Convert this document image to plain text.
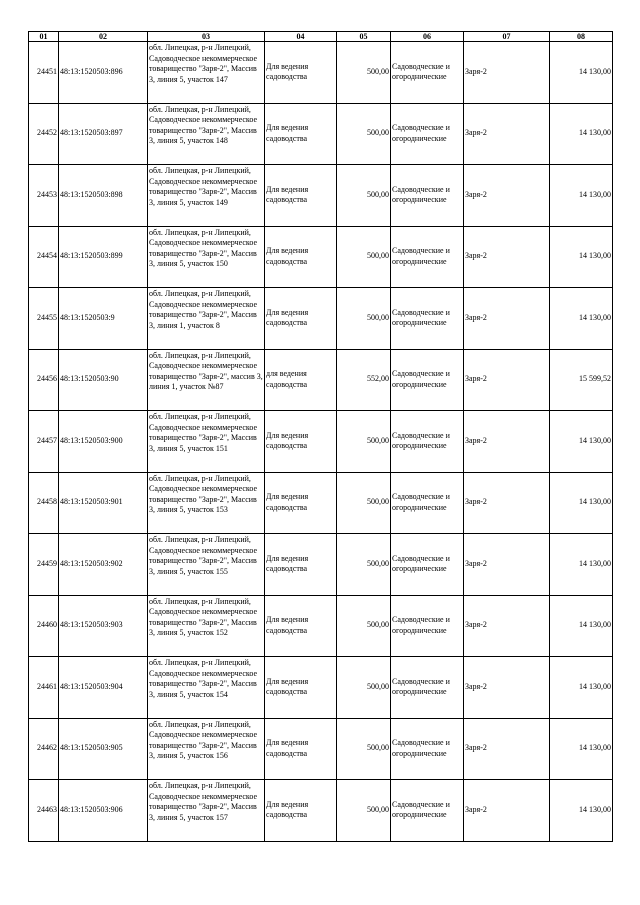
01	02	03	04	05	06	07	08
24451	48:13:1520503:896	обл. Липецкая, р-н Липецкий, Садоводческое некоммерческое товарищество "Заря-2", Массив 3, линия 5, участок 147	Для ведения садоводства	500,00	Садоводческие и огороднические	Заря-2	14 130,00
24452	48:13:1520503:897	обл. Липецкая, р-н Липецкий, Садоводческое некоммерческое товарищество "Заря-2", Массив 3, линия 5, участок 148	Для ведения садоводства	500,00	Садоводческие и огороднические	Заря-2	14 130,00
24453	48:13:1520503:898	обл. Липецкая, р-н Липецкий, Садоводческое некоммерческое товарищество "Заря-2", Массив 3, линия 5, участок 149	Для ведения садоводства	500,00	Садоводческие и огороднические	Заря-2	14 130,00
24454	48:13:1520503:899	обл. Липецкая, р-н Липецкий, Садоводческое некоммерческое товарищество "Заря-2", Массив 3, линия 5, участок 150	Для ведения садоводства	500,00	Садоводческие и огороднические	Заря-2	14 130,00
24455	48:13:1520503:9	обл. Липецкая, р-н Липецкий, Садоводческое некоммерческое товарищество "Заря-2", Массив 3, линия 1, участок 8	Для ведения садоводства	500,00	Садоводческие и огороднические	Заря-2	14 130,00
24456	48:13:1520503:90	обл. Липецкая, р-н Липецкий, Садоводческое некоммерческое товарищество "Заря-2", массив 3, линия 1, участок №87	для ведения садоводства	552,00	Садоводческие и огороднические	Заря-2	15 599,52
24457	48:13:1520503:900	обл. Липецкая, р-н Липецкий, Садоводческое некоммерческое товарищество "Заря-2", Массив 3, линия 5, участок 151	Для ведения садоводства	500,00	Садоводческие и огороднические	Заря-2	14 130,00
24458	48:13:1520503:901	обл. Липецкая, р-н Липецкий, Садоводческое некоммерческое товарищество "Заря-2", Массив 3, линия 5, участок 153	Для ведения садоводства	500,00	Садоводческие и огороднические	Заря-2	14 130,00
24459	48:13:1520503:902	обл. Липецкая, р-н Липецкий, Садоводческое некоммерческое товарищество "Заря-2", Массив 3, линия 5, участок 155	Для ведения садоводства	500,00	Садоводческие и огороднические	Заря-2	14 130,00
24460	48:13:1520503:903	обл. Липецкая, р-н Липецкий, Садоводческое некоммерческое товарищество "Заря-2", Массив 3, линия 5, участок 152	Для ведения садоводства	500,00	Садоводческие и огороднические	Заря-2	14 130,00
24461	48:13:1520503:904	обл. Липецкая, р-н Липецкий, Садоводческое некоммерческое товарищество "Заря-2", Массив 3, линия 5, участок 154	Для ведения садоводства	500,00	Садоводческие и огороднические	Заря-2	14 130,00
24462	48:13:1520503:905	обл. Липецкая, р-н Липецкий, Садоводческое некоммерческое товарищество "Заря-2", Массив 3, линия 5, участок 156	Для ведения садоводства	500,00	Садоводческие и огороднические	Заря-2	14 130,00
24463	48:13:1520503:906	обл. Липецкая, р-н Липецкий, Садоводческое некоммерческое товарищество "Заря-2", Массив 3, линия 5, участок 157	Для ведения садоводства	500,00	Садоводческие и огороднические	Заря-2	14 130,00
